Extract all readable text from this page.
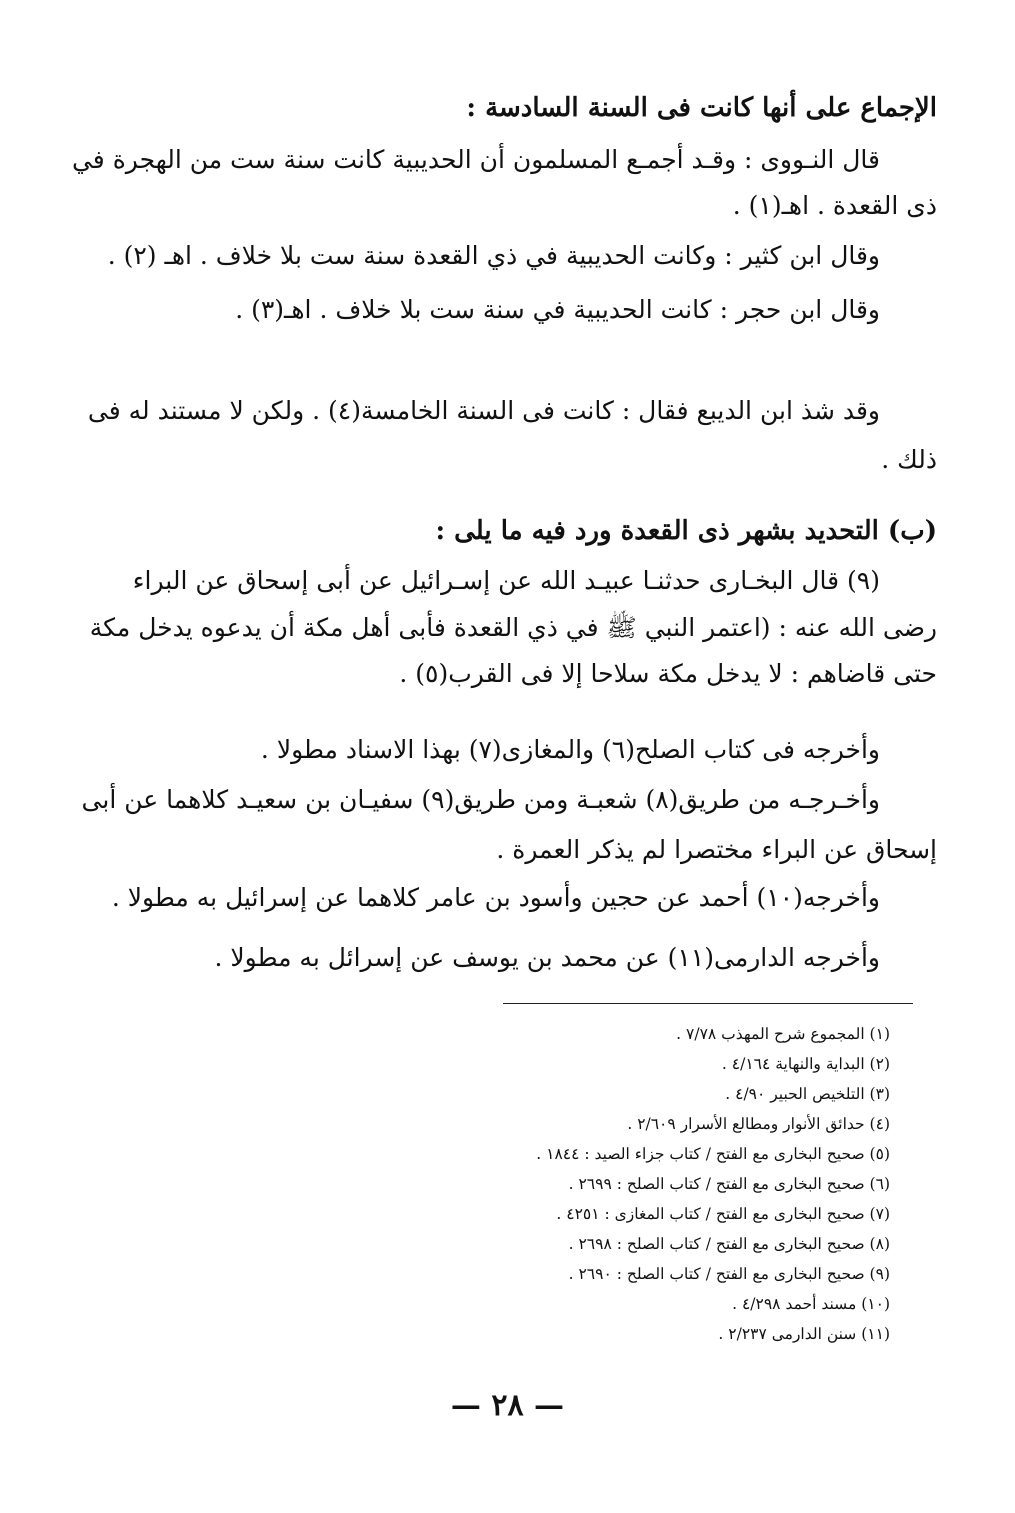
الإجماع على أنها كانت فى السنة السادسة :
قال النـووى : وقـد أجمـع المسلمون أن الحديبية كانت سنة ست من الهجرة في
ذى القعدة . اهـ(١) .
وقال ابن كثير : وكانت الحديبية في ذي القعدة سنة ست بلا خلاف . اهـ (٢) .
وقال ابن حجر : كانت الحديبية في سنة ست بلا خلاف . اهـ(٣) .
وقد شذ ابن الديبع فقال : كانت فى السنة الخامسة(٤) . ولكن لا مستند له فى
ذلك .
(ب) التحديد بشهر ذى القعدة ورد فيه ما يلى :
(٩) قال البخـارى حدثنـا عبيـد الله عن إسـرائيل عن أبى إسحاق عن البراء
رضى الله عنه : (اعتمر النبي ﷺ في ذي القعدة فأبى أهل مكة أن يدعوه يدخل مكة
حتى قاضاهم : لا يدخل مكة سلاحا إلا فى القرب(٥) .
وأخرجه فى كتاب الصلح(٦) والمغازى(٧) بهذا الاسناد مطولا .
وأخـرجـه من طريق(٨) شعبـة ومن طريق(٩) سفيـان بن سعيـد كلاهما عن أبى
إسحاق عن البراء مختصرا لم يذكر العمرة .
وأخرجه(١٠) أحمد عن حجين وأسود بن عامر كلاهما عن إسرائيل به مطولا .
وأخرجه الدارمى(١١) عن محمد بن يوسف عن إسرائل به مطولا .
(١) المجموع شرح المهذب ٧/٧٨ .
(٢) البداية والنهاية ٤/١٦٤ .
(٣) التلخيص الحبير ٤/٩٠ .
(٤) حدائق الأنوار ومطالع الأسرار ٢/٦٠٩ .
(٥) صحيح البخارى مع الفتح / كتاب جزاء الصيد : ١٨٤٤ .
(٦) صحيح البخارى مع الفتح / كتاب الصلح : ٢٦٩٩ .
(٧) صحيح البخارى مع الفتح / كتاب المغازى : ٤٢٥١ .
(٨) صحيح البخارى مع الفتح / كتاب الصلح : ٢٦٩٨ .
(٩) صحيح البخارى مع الفتح / كتاب الصلح : ٢٦٩٠ .
(١٠) مسند أحمد ٤/٢٩٨ .
(١١) سنن الدارمى ٢/٢٣٧ .
— ٢٨ —
